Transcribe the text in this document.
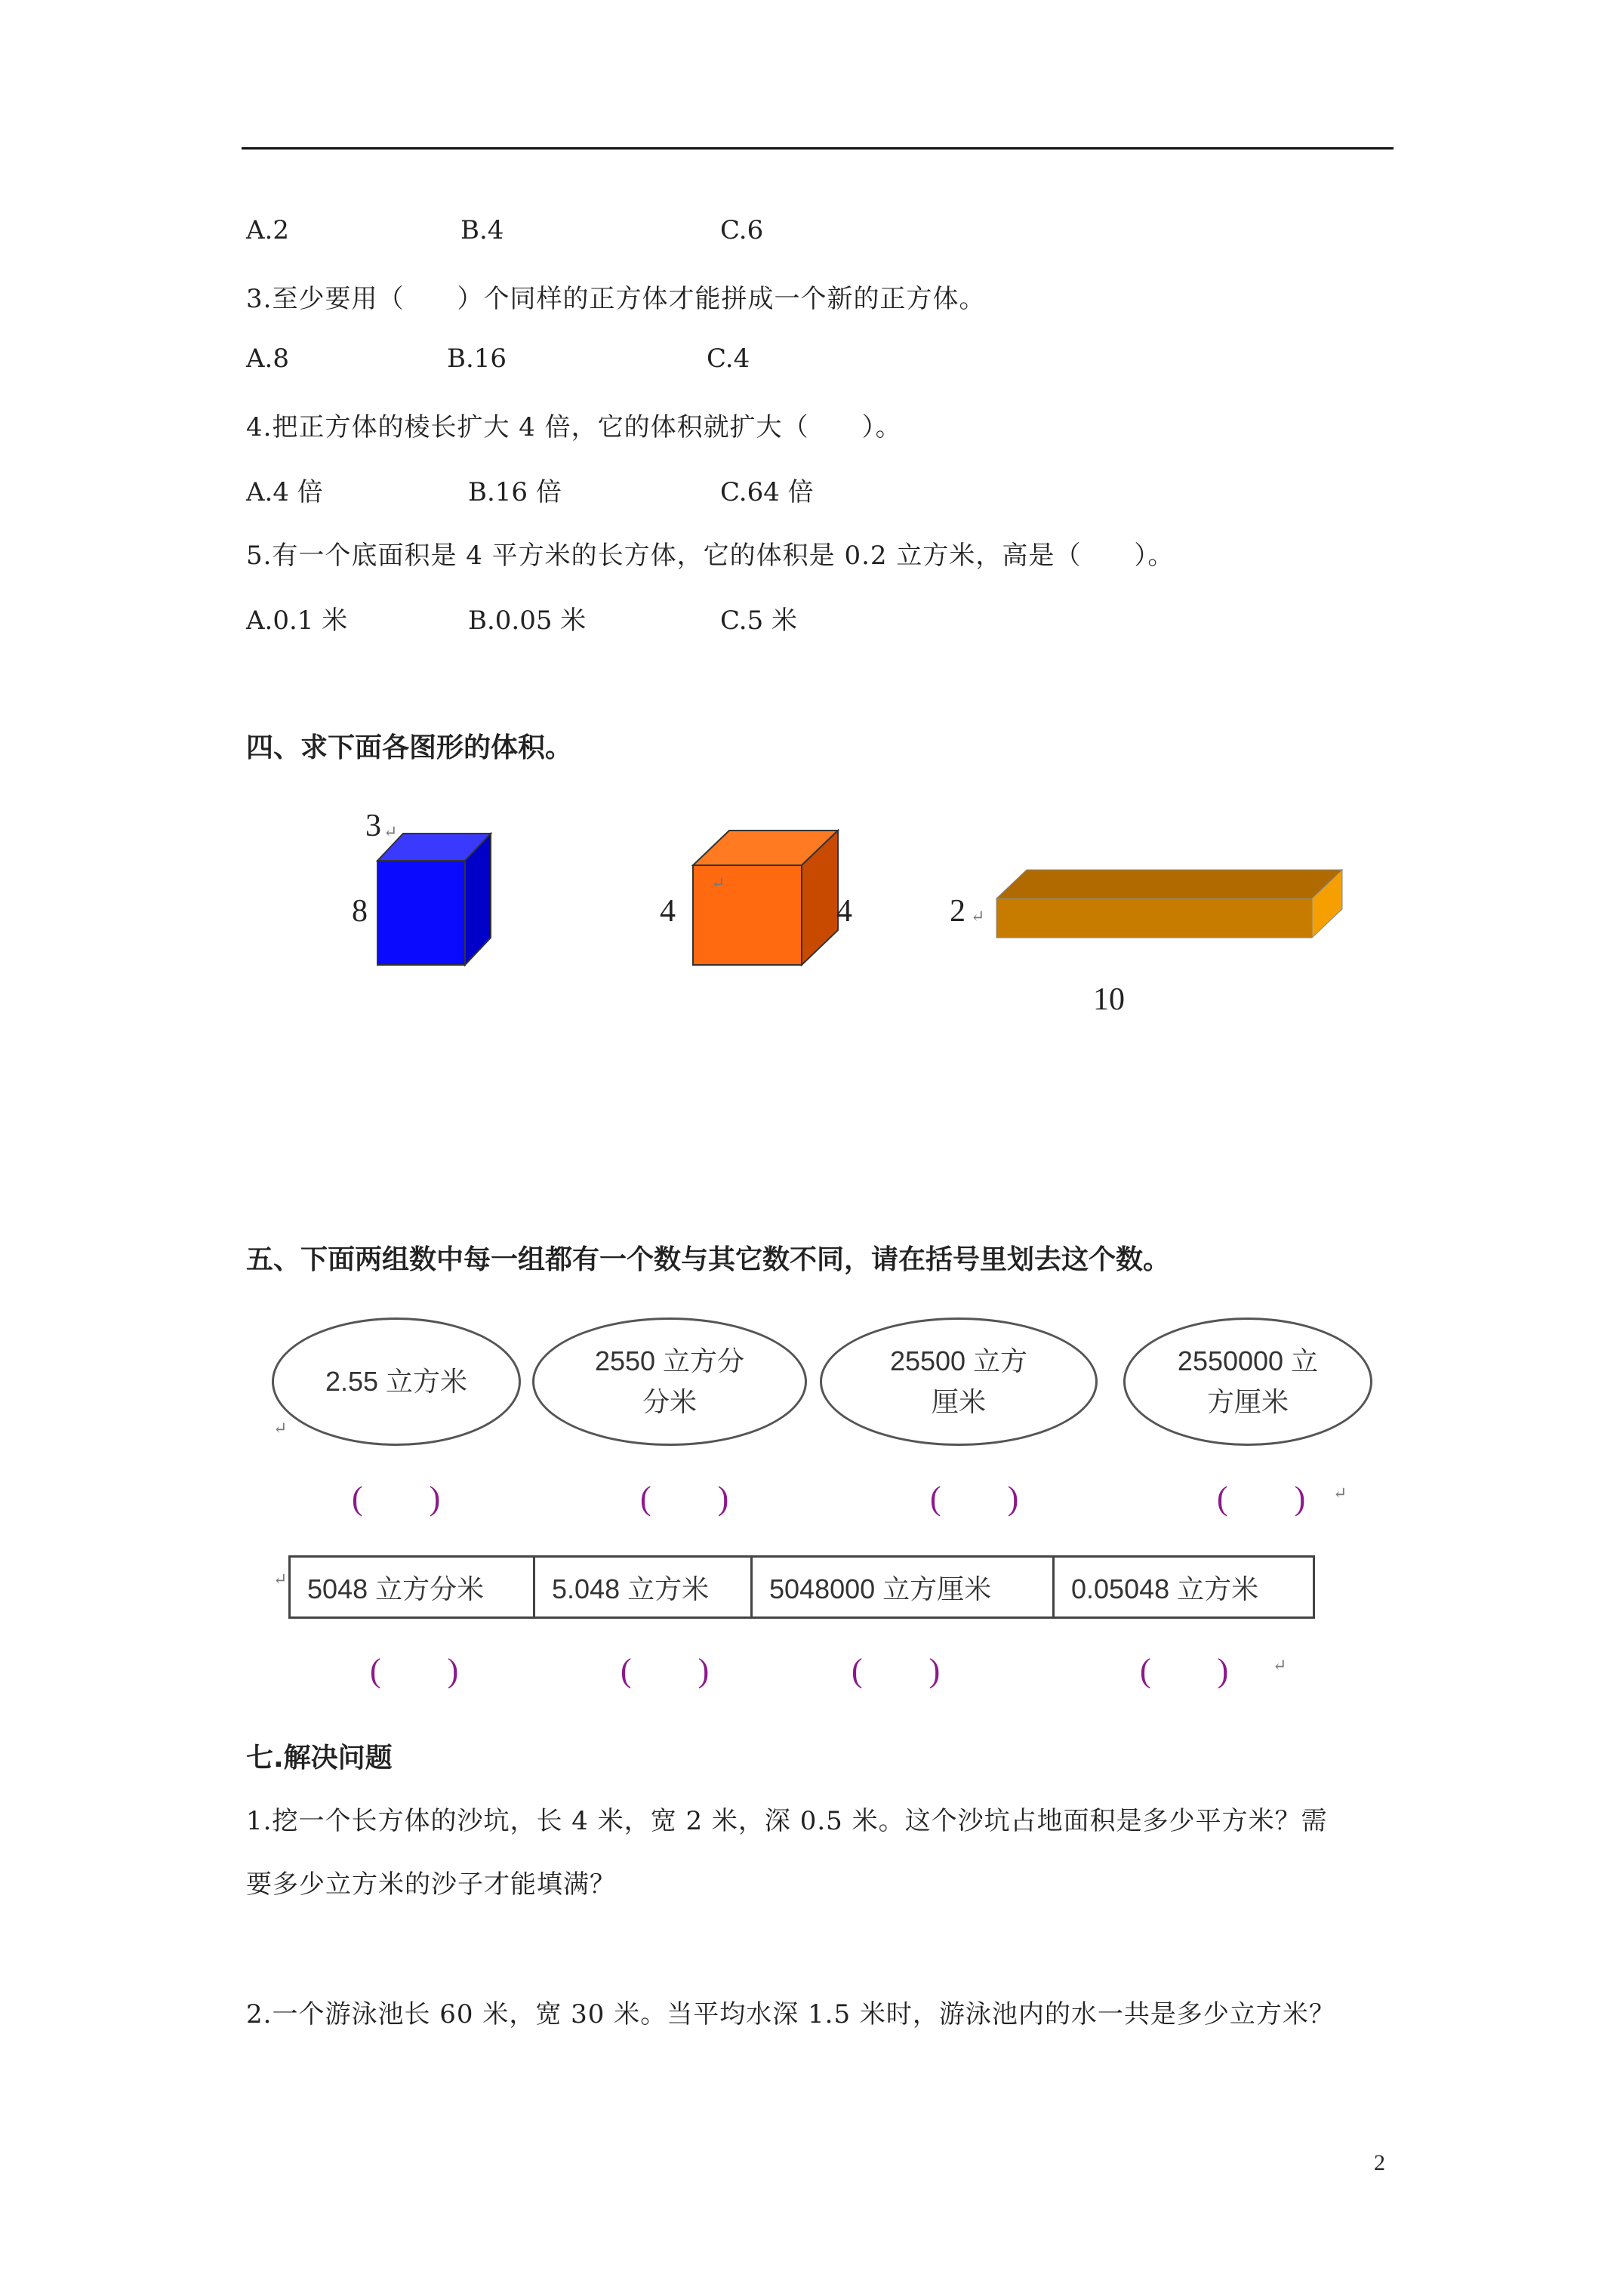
A.2	B.4	C.6
3.至少要用（　　）个同样的正方体才能拼成一个新的正方体。
A.8	B.16	C.4
4.把正方体的棱长扩大 4 倍，它的体积就扩大（　　）。
A.4 倍	B.16 倍	C.64 倍
5.有一个底面积是 4 平方米的长方体，它的体积是 0.2 立方米，高是（　　）。
A.0.1 米	B.0.05 米	C.5 米
四、求下面各图形的体积。
3 ↵
8	4
↵
4	2 ↵
10
五、下面两组数中每一组都有一个数与其它数不同，请在括号里划去这个数。
2.55 立方米
2550 立方分
分米
25500 立方
厘米
2550000 立
方厘米
↵
(　　)	(　　)	(　　)	(　　) ↵
↵ 5048 立方分米	5.048 立方米	5048000 立方厘米	0.05048 立方米
(　　)	(　　)	(　　)	(　　)	↵
七.解决问题
1.挖一个长方体的沙坑，长 4 米，宽 2 米，深 0.5 米。这个沙坑占地面积是多少平方米？需
要多少立方米的沙子才能填满？
2.一个游泳池长 60 米，宽 30 米。当平均水深 1.5 米时，游泳池内的水一共是多少立方米？
2
